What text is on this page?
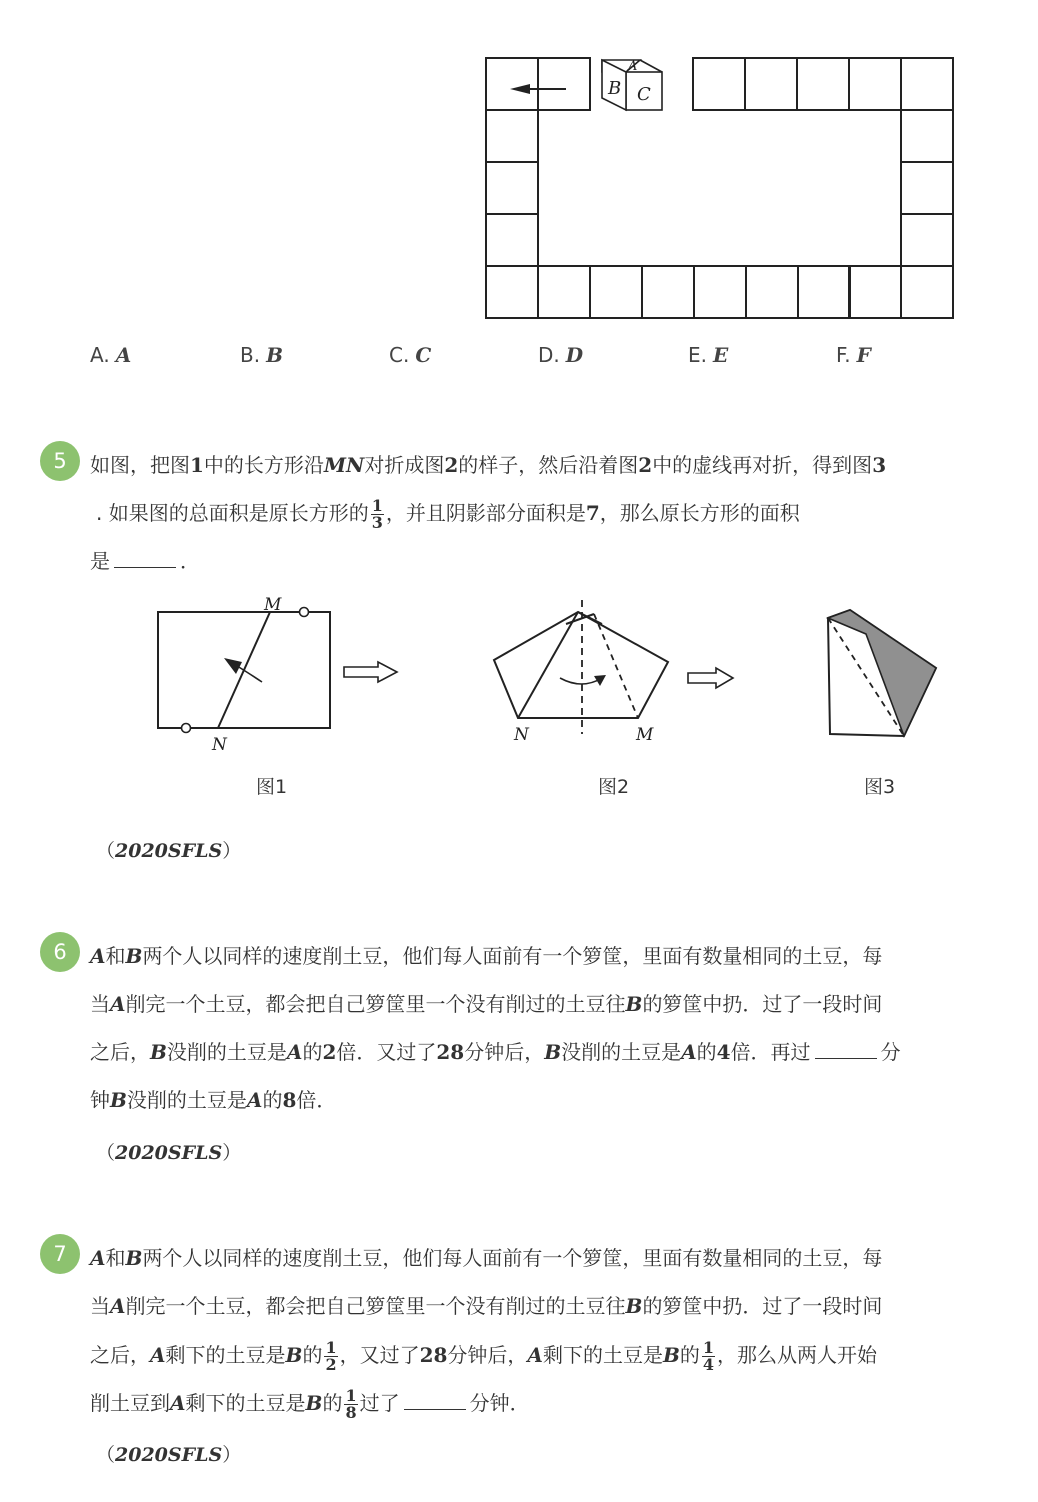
A
B C
A. A	B. B	C. C	D. D	E. E	F. F
5	如图，把图1中的长方形沿MN对折成图2的样子，然后沿着图2中的虚线再对折，得到图3
. 如果图的总面积是原长方形的 $\frac{1}{3}$ ，并且阴影部分面积是7，那么原长方形的面积
是	．
M
N	N	M
图1	图2	图3
（2020SFLS）
6	A和B两个人以同样的速度削土豆，他们每人面前有一个箩筐，里面有数量相同的土豆，每
当A削完一个土豆，都会把自己箩筐里一个没有削过的土豆往B的箩筐中扔．过了一段时间
之后，B没削的土豆是A的2倍．又过了28分钟后，B没削的土豆是A的4倍．再过	分
钟B没削的土豆是A的8倍．
（2020SFLS）
7	A和B两个人以同样的速度削土豆，他们每人面前有一个箩筐，里面有数量相同的土豆，每
当A削完一个土豆，都会把自己箩筐里一个没有削过的土豆往B的箩筐中扔．过了一段时间
之后，A剩下的土豆是B的 $\frac{1}{2}$ ，又过了28分钟后，A剩下的土豆是B的 $\frac{1}{4}$ ，那么从两人开始
削土豆到A剩下的土豆是B的 $\frac{1}{8}$ 过了	分钟．
（2020SFLS）
